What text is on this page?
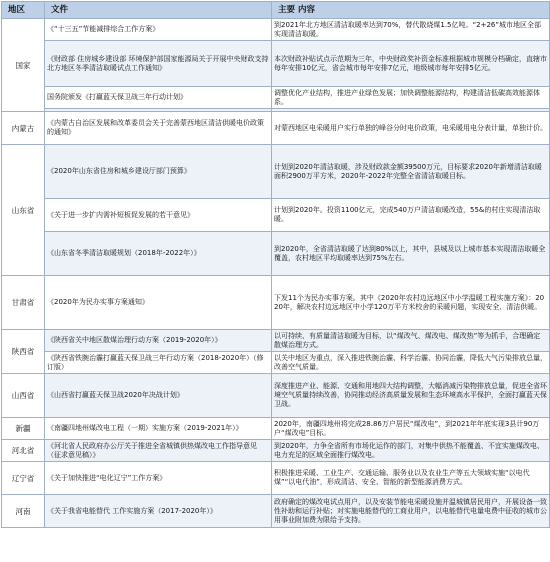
地区	文件	主要 内容
国家	《“十三五”节能减排综合工作方案》	到2021年北方地区清洁取暖率达到70%，替代散烧煤1.5亿吨。“2+26”城市地区全部实现清洁取暖。
	《财政部 住房城乡建设部 环境保护部国家能源局关于开展中央财政支持北方地区冬季清洁取暖试点工作通知》	本次财政补贴试点示范期为三年，中央财政奖补资金标准根据城市规模分档确定，直辖市每年安排10亿元，省会城市每年安排7亿元，地级城市每年安排5亿元。
	国务院颁发《打赢蓝天保卫战三年行动计划》	调整优化产业结构，推进产业绿色发展；加快调整能源结构，构建清洁低碳高效能源体系。

内蒙古	《内蒙古自治区发展和改革委员会关于完善蒙西地区清洁供暖电价政策的通知》	对蒙西地区电采暖用户实行单独的峰谷分时电价政策，电采暖用电分表计量，单独计价。
山东省	《2020年山东省住房和城乡建设厅部门预算》	计划到2020年清洁取暖，涉及财政款金额39500万元，目标要求2020年新增清洁取暖面积2900万平方米，2020年-2022年完整全省清洁取暖目标。
	《关于进一步扩内需补短板促发展的若干意见》	计划到2020年。投资1100亿元，完成540万户清洁取暖改造，55&的村庄实现清洁取暖。
	《山东省冬季清洁取暖规划（2018年-2022年）》	到2020年，全省清洁取暖了达到80%以上，其中，县城及以上城市基本实现清洁取暖全覆盖，农村地区平均取暖率达到75%左右。
甘肃省	《2020年为民办实事方案通知》	下发11个为民办实事方案。其中《2020年农村边远地区中小学温暖工程实施方案》：2020年，解决农村边远地区中小学120万平方米校舍的采暖问题，实现安全、清洁供暖。
陕西省	《陕西省关中地区散煤治理行动方案（2019-2020年）》	以可持续、有质量清洁取暖为目标，以“煤改气、煤改电、煤改热”等为抓手，合理确定散煤治理方式。
	《陕西省铁腕治霾打赢蓝天保卫战三年行动方案（2018-2020年）（修订版）	以关中地区为重点，深入推进铁腕治霾、科学治霾、协同治霾，降低大气污染排放总量，改善空气质量。
山西省	《山西省打赢蓝天保卫战2020年决战计划》	深度推进产业、能源、交通和用地四大结构调整，大幅消减污染物排放总量，促进全省环境空气质量持续改善，协同推动经济高质量发展和生态环境高水平保护，全面打赢蓝天保卫战。
新疆	《南疆四地州煤改电工程（一期）实施方案（2019-2021年）》	2020年，南疆四地州将完成28.86万户居民“煤改电”，到2021年年底实现3县计90万户“煤改电”目标。
河北省	《河北省人民政府办公厅关于推进全省城镇供热煤改电工作指导意见（征求意见稿）》	到2020年，力争全省所有市场化运作的部门，对集中供热不能覆盖、不宜实施煤改电、电力充足的区域全面推行煤改电。
辽宁省	《关于加快推进“电化辽宁”工作方案》	积极推进采暖、工业生产、交通运输、服务业以及农业生产等五大领域实施“以电代煤”“以电代油”，形成清洁、安全、智能的新型能源消费方式。
河南	《关于我省电能替代 工作实施方案（2017-2020年）》	政府确定的煤改电试点用户，以及安装节能电采暖设施并温城镇居民用户，开展设备一致性补助和运行补贴；对实施电能替代的工商业用户，以电能替代电量电费中征收的城市公用事业附加费为限给予支持。
